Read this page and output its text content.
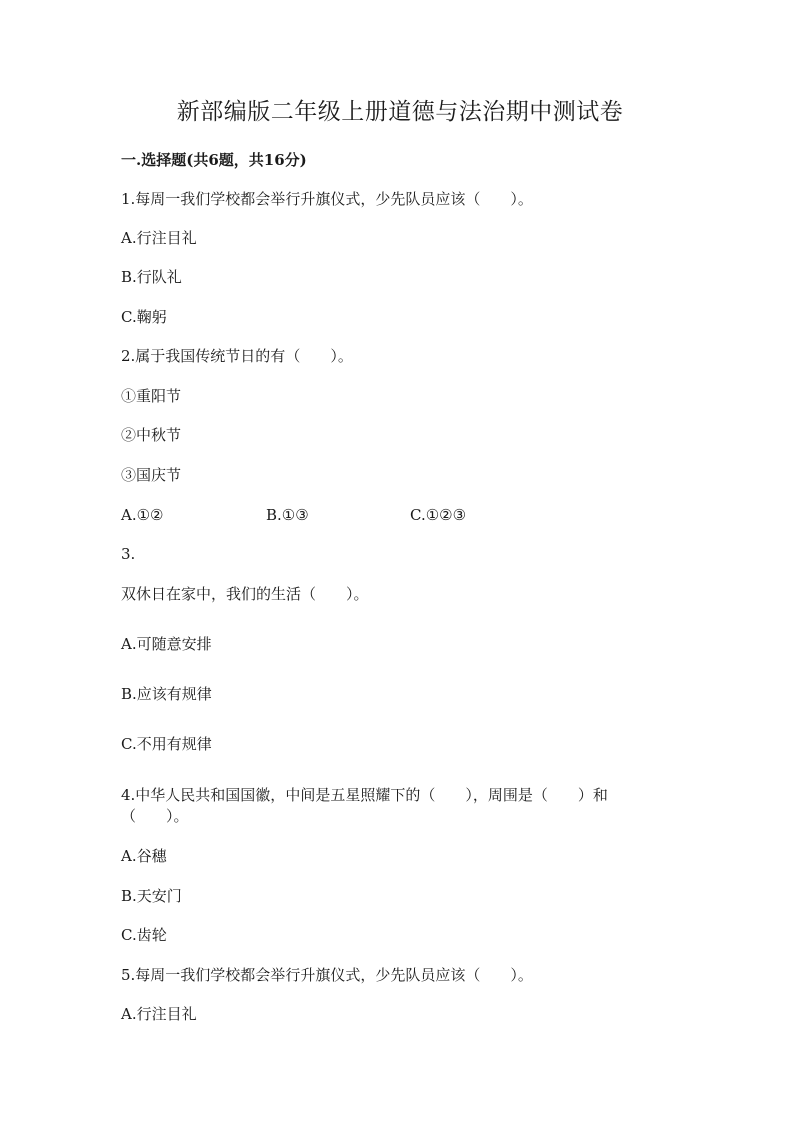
新部编版二年级上册道德与法治期中测试卷
一.选择题(共6题，共16分)
1.每周一我们学校都会举行升旗仪式，少先队员应该（　　）。
A.行注目礼
B.行队礼
C.鞠躬
2.属于我国传统节日的有（　　）。
①重阳节
②中秋节
③国庆节
A.①②	B.①③	C.①②③
3.
双休日在家中，我们的生活（　　）。
A.可随意安排
B.应该有规律
C.不用有规律
4.中华人民共和国国徽，中间是五星照耀下的（　　），周围是（　　）和
（　　）。
A.谷穗
B.天安门
C.齿轮
5.每周一我们学校都会举行升旗仪式，少先队员应该（　　）。
A.行注目礼
